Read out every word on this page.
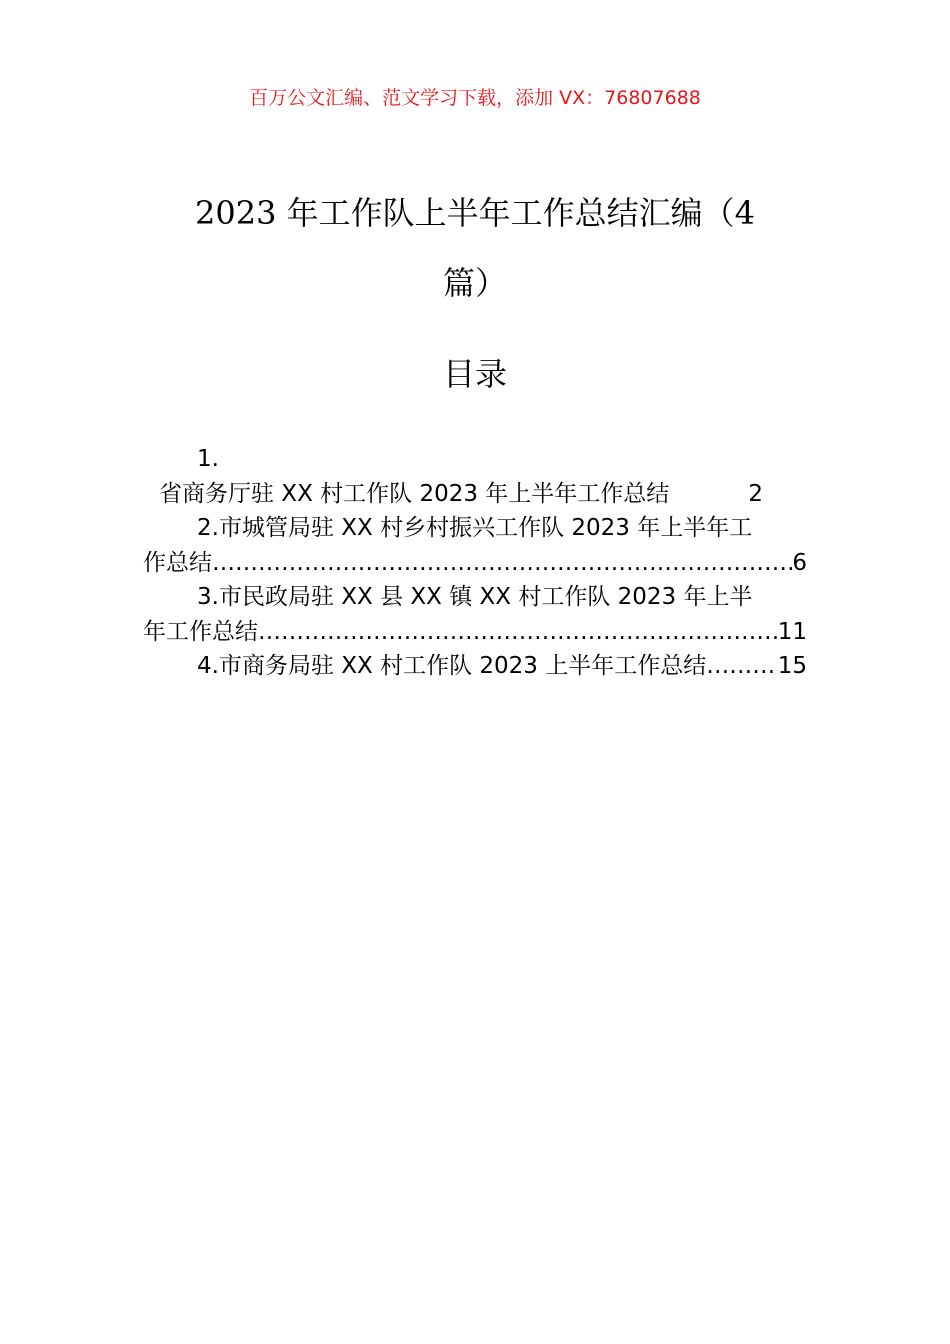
百万公文汇编、范文学习下载，添加 VX：76807688
2023 年工作队上半年工作总结汇编（4
篇）
目录
1.
省商务厅驻 XX 村工作队 2023 年上半年工作总结	2
2.市城管局驻 XX 村乡村振兴工作队 2023 年上半年工
作总结 …………………………………………………………………………………………………………………………………………	6
3.市民政局驻 XX 县 XX 镇 XX 村工作队 2023 年上半
年工作总结 …………………………………………………………………………………………………………………………………………	11
4.市商务局驻 XX 村工作队 2023 上半年工作总结 …………………………………………………………………………………………………………………………………………	15
